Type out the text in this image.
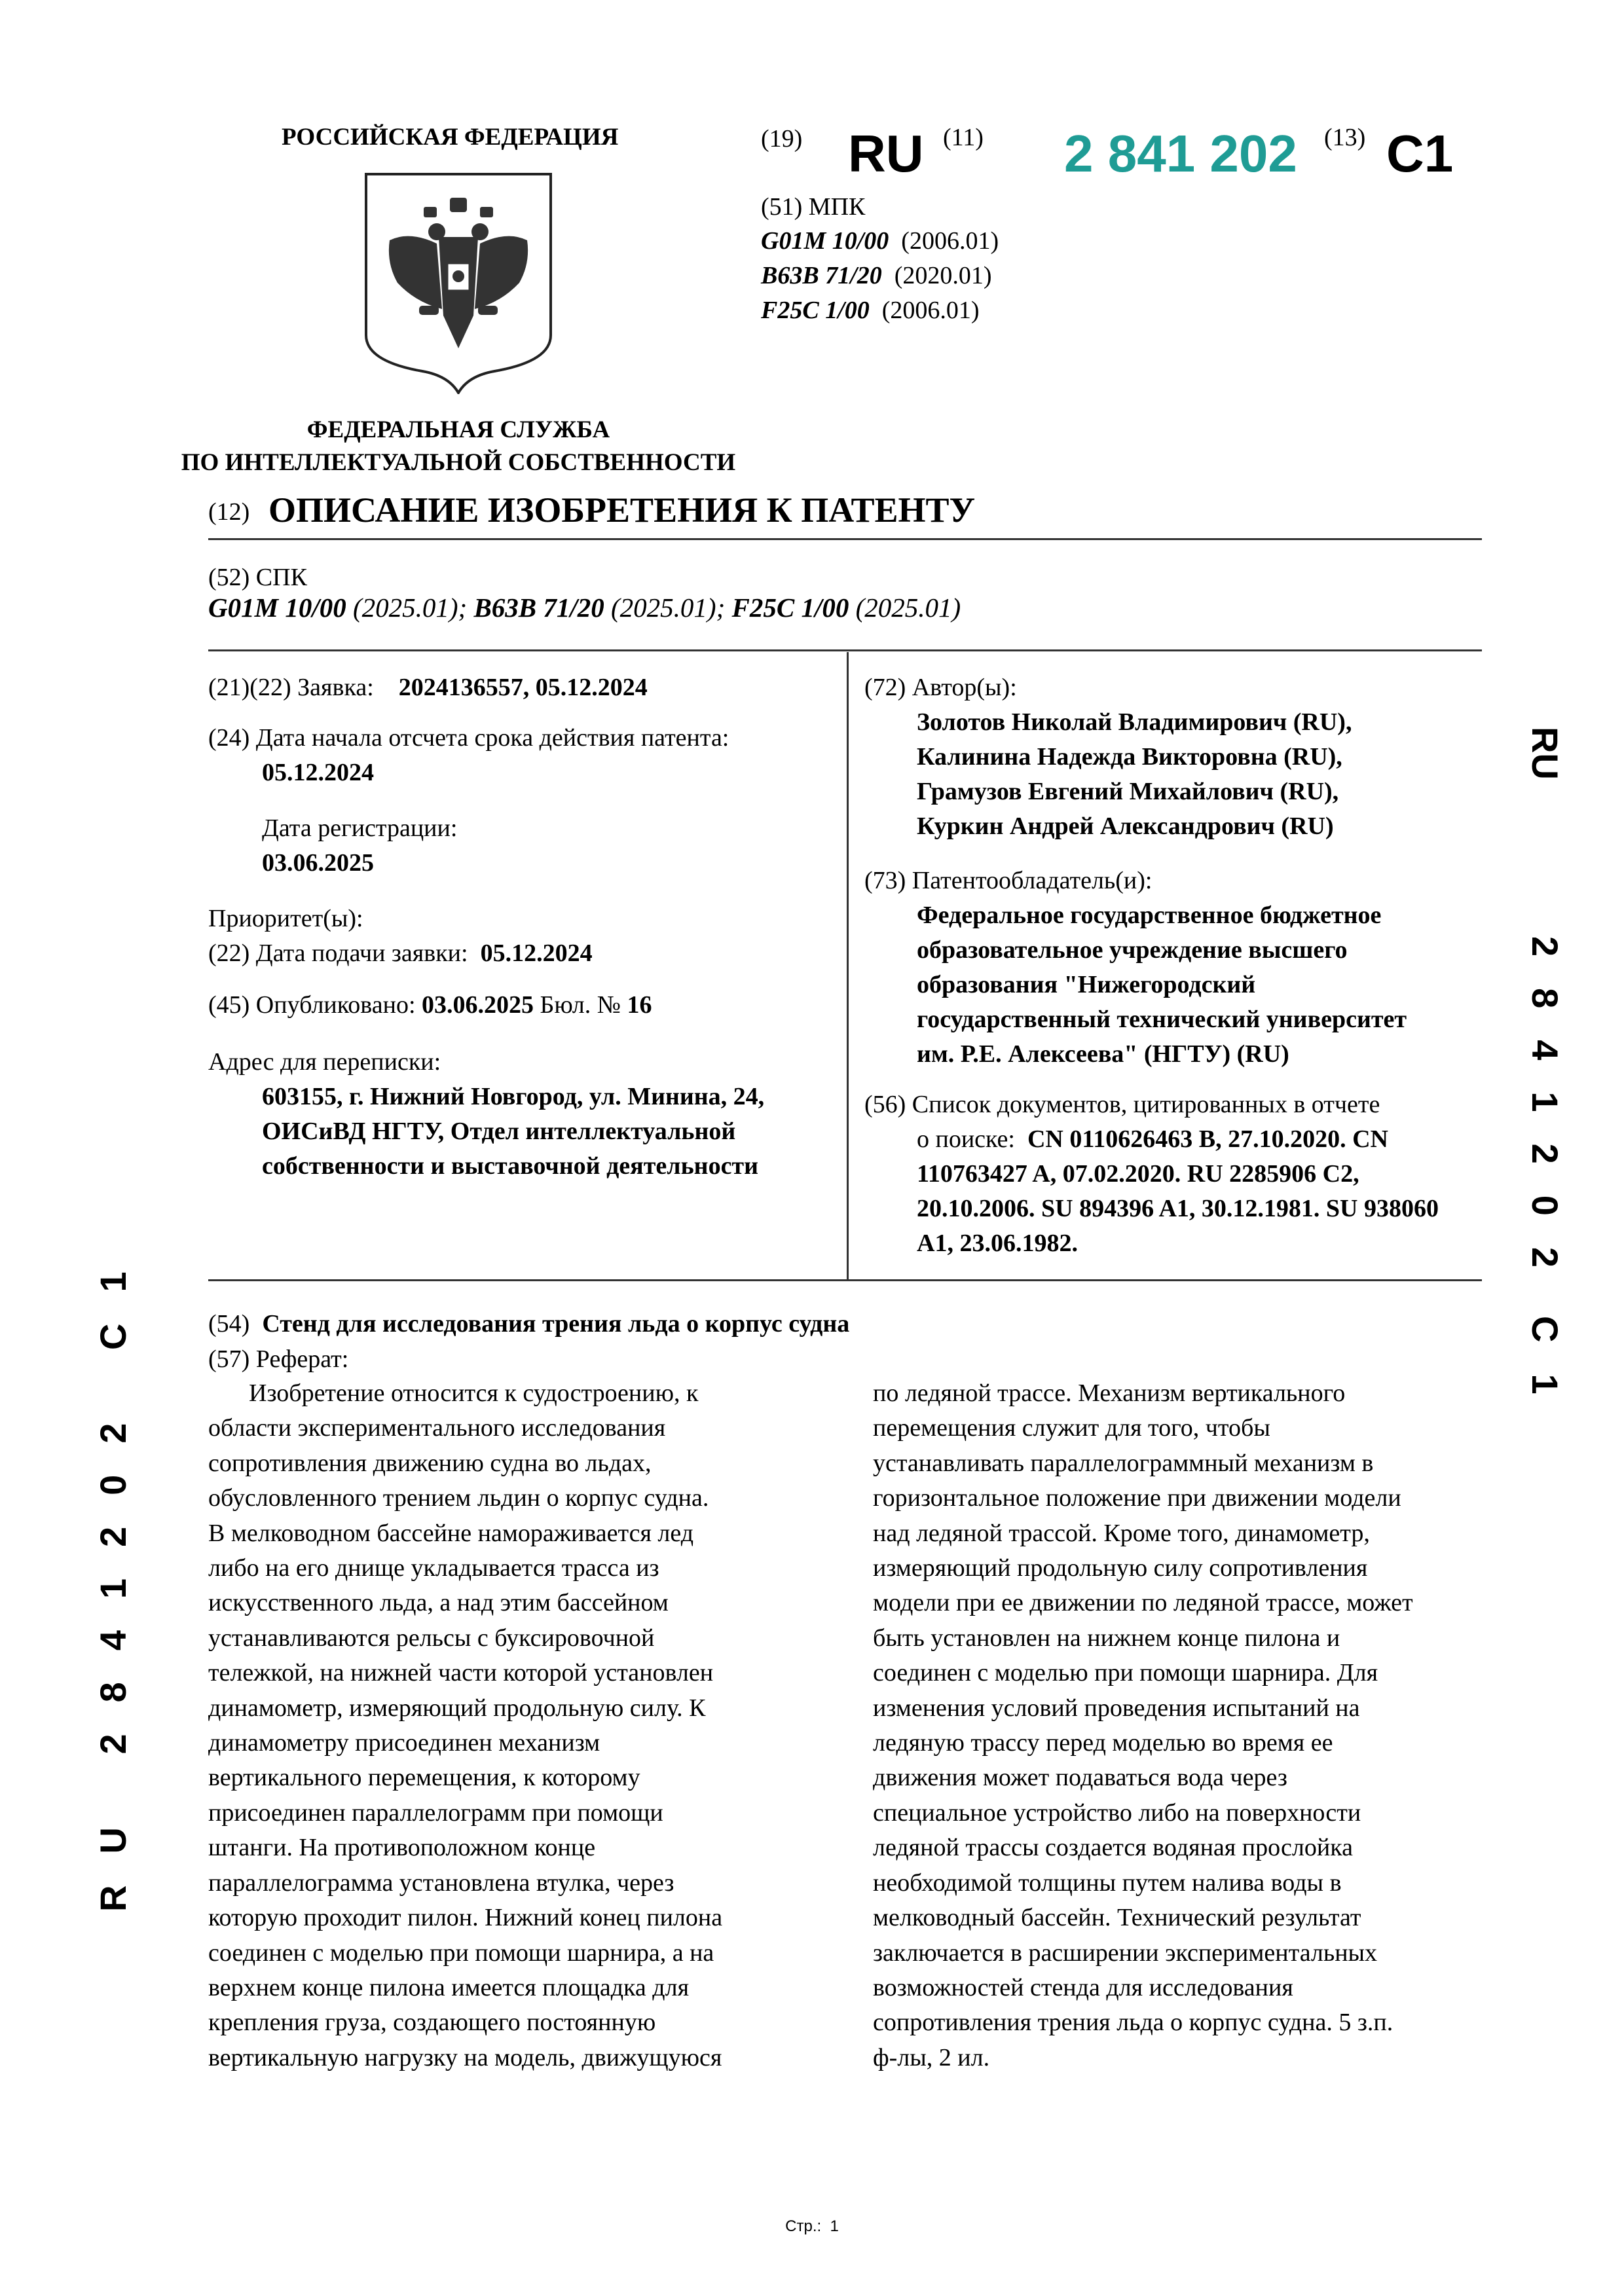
РОССИЙСКАЯ ФЕДЕРАЦИЯ
ФЕДЕРАЛЬНАЯ СЛУЖБА
ПО ИНТЕЛЛЕКТУАЛЬНОЙ СОБСТВЕННОСТИ
(19) RU (11) 2 841 202 (13) C1
(51) МПК
G01M 10/00 (2006.01)
B63B 71/20 (2020.01)
F25C 1/00 (2006.01)
(12) ОПИСАНИЕ ИЗОБРЕТЕНИЯ К ПАТЕНТУ
(52) СПК
G01M 10/00 (2025.01); B63B 71/20 (2025.01); F25C 1/00 (2025.01)
(21)(22) Заявка: 2024136557, 05.12.2024
(24) Дата начала отсчета срока действия патента:
05.12.2024
Дата регистрации:
03.06.2025
Приоритет(ы):
(22) Дата подачи заявки: 05.12.2024
(45) Опубликовано: 03.06.2025 Бюл. № 16
Адрес для переписки:
603155, г. Нижний Новгород, ул. Минина, 24,
ОИСиВД НГТУ, Отдел интеллектуальной
собственности и выставочной деятельности
(72) Автор(ы):
Золотов Николай Владимирович (RU),
Калинина Надежда Викторовна (RU),
Грамузов Евгений Михайлович (RU),
Куркин Андрей Александрович (RU)
(73) Патентообладатель(и):
Федеральное государственное бюджетное
образовательное учреждение высшего
образования "Нижегородский
государственный технический университет
им. Р.Е. Алексеева" (НГТУ) (RU)
(56) Список документов, цитированных в отчете
о поиске: CN 0110626463 B, 27.10.2020. CN
110763427 A, 07.02.2020. RU 2285906 C2,
20.10.2006. SU 894396 A1, 30.12.1981. SU 938060
A1, 23.06.1982.
(54) Стенд для исследования трения льда о корпус судна
(57) Реферат:
Изобретение относится к судостроению, к
области экспериментального исследования
сопротивления движению судна во льдах,
обусловленного трением льдин о корпус судна.
В мелководном бассейне намораживается лед
либо на его днище укладывается трасса из
искусственного льда, а над этим бассейном
устанавливаются рельсы с буксировочной
тележкой, на нижней части которой установлен
динамометр, измеряющий продольную силу. К
динамометру присоединен механизм
вертикального перемещения, к которому
присоединен параллелограмм при помощи
штанги. На противоположном конце
параллелограмма установлена втулка, через
которую проходит пилон. Нижний конец пилона
соединен с моделью при помощи шарнира, а на
верхнем конце пилона имеется площадка для
крепления груза, создающего постоянную
вертикальную нагрузку на модель, движущуюся
по ледяной трассе. Механизм вертикального
перемещения служит для того, чтобы
устанавливать параллелограммный механизм в
горизонтальное положение при движении модели
над ледяной трассой. Кроме того, динамометр,
измеряющий продольную силу сопротивления
модели при ее движении по ледяной трассе, может
быть установлен на нижнем конце пилона и
соединен с моделью при помощи шарнира. Для
изменения условий проведения испытаний на
ледяную трассу перед моделью во время ее
движения может подаваться вода через
специальное устройство либо на поверхности
ледяной трассы создается водяная прослойка
необходимой толщины путем налива воды в
мелководный бассейн. Технический результат
заключается в расширении экспериментальных
возможностей стенда для исследования
сопротивления трения льда о корпус судна. 5 з.п.
ф-лы, 2 ил.
RU
2841202
C1
RU 2841202 C1
Стр.: 1
